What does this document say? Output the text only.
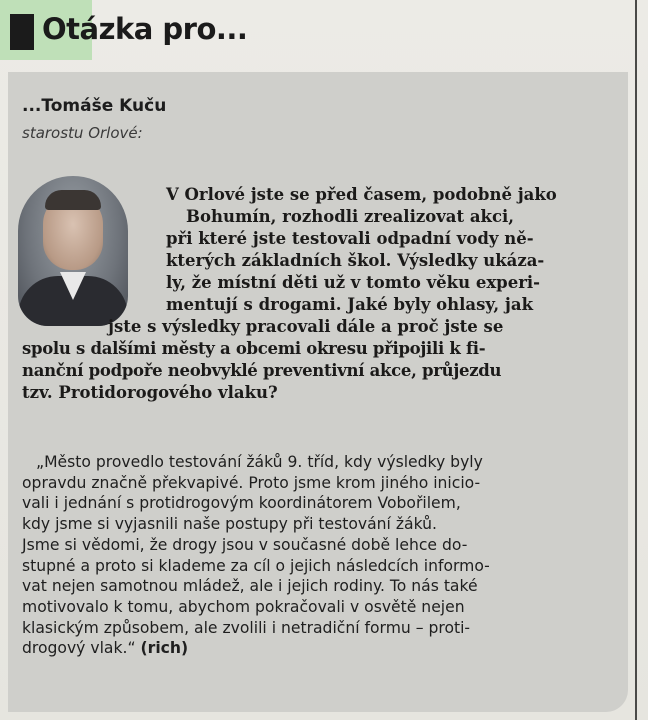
Otázka pro...
...Tomáše Kuču
starostu Orlové:
V Orlové jste se před časem, podobně jako
Bohumín, rozhodli zrealizovat akci,
při které jste testovali odpadní vody ně-
kterých základních škol. Výsledky ukáza-
ly, že místní děti už v tomto věku experi-
mentují s drogami. Jaké byly ohlasy, jak
jste s výsledky pracovali dále a proč jste se
spolu s dalšími městy a obcemi okresu připojili k fi-
nanční podpoře neobvyklé preventivní akce, průjezdu
tzv. Protidorogového vlaku?
„Město provedlo testování žáků 9. tříd, kdy výsledky byly
opravdu značně překvapivé. Proto jsme krom jiného inicio-
vali i jednání s protidrogovým koordinátorem Vobořilem,
kdy jsme si vyjasnili naše postupy při testování žáků.
Jsme si vědomi, že drogy jsou v současné době lehce do-
stupné a proto si klademe za cíl o jejich následcích informo-
vat nejen samotnou mládež, ale i jejich rodiny. To nás také
motivovalo k tomu, abychom pokračovali v osvětě nejen
klasickým způsobem, ale zvolili i netradiční formu – proti-
drogový vlak.“ (rich)
